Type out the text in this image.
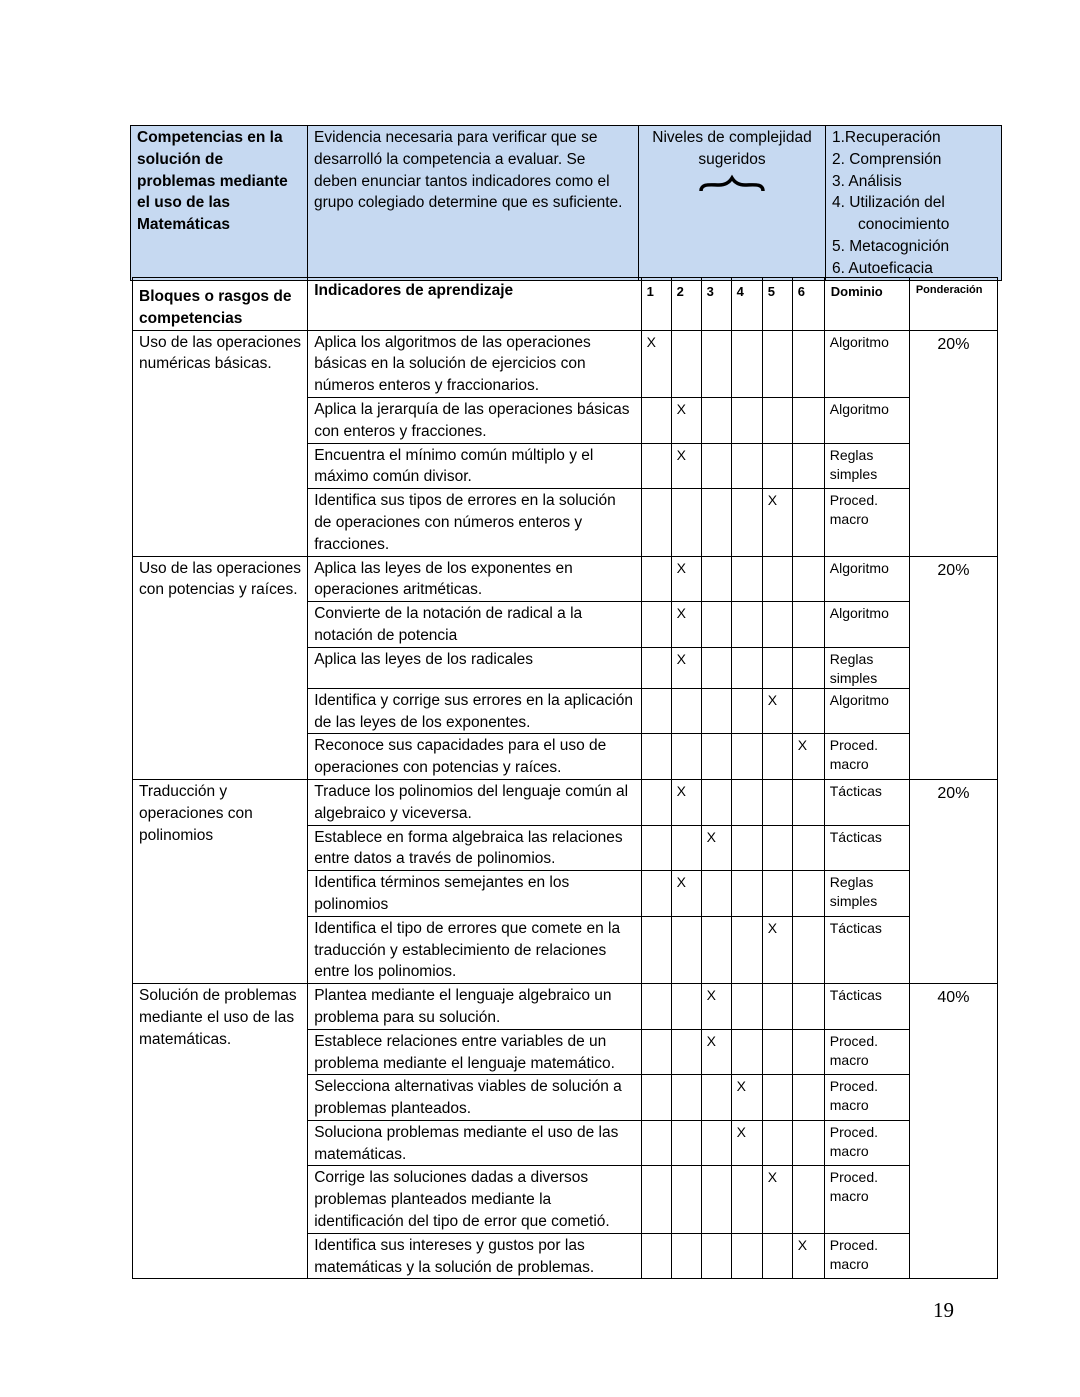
Competencias en la solución de problemas mediante el uso de las Matemáticas	Evidencia necesaria para verificar que se desarrolló la competencia a evaluar. Se deben enunciar tantos indicadores como el grupo colegiado determine que es suficiente.	Niveles de complejidad sugeridos

1.Recuperación
2. Comprensión
3. Análisis
4. Utilización del
conocimiento
5. Metacognición
6. Autoeficacia
Bloques o rasgos de competencias	Indicadores de aprendizaje	1	2	3	4	5	6	Dominio	Ponderación
Uso de las operaciones numéricas básicas.	Aplica los algoritmos de las operaciones básicas en la solución de ejercicios con números enteros y fraccionarios.	X						Algoritmo	20%
	Aplica la jerarquía de las operaciones básicas con enteros y fracciones.		X					Algoritmo	
	Encuentra el mínimo común múltiplo y el máximo común divisor.		X					Reglas simples	
	Identifica sus tipos de errores en la solución de operaciones con números enteros y fracciones.					X		Proced. macro	
Uso de las operaciones con potencias y raíces.	Aplica las leyes de los exponentes en operaciones aritméticas.		X					Algoritmo	20%
	Convierte de la notación de radical a la notación de potencia		X					Algoritmo	
	Aplica las leyes de los radicales		X					Reglas simples	
	Identifica y corrige sus errores en la aplicación de las leyes de los exponentes.					X		Algoritmo	
	Reconoce sus capacidades para el uso de operaciones con potencias y raíces.						X	Proced. macro	
Traducción y operaciones con polinomios	Traduce los polinomios del lenguaje común al algebraico y viceversa.		X					Tácticas	20%
	Establece en forma algebraica las relaciones entre datos a través de polinomios.			X				Tácticas	
	Identifica términos semejantes en los polinomios		X					Reglas simples	
	Identifica el tipo de errores que comete en la traducción y establecimiento de relaciones entre los polinomios.					X		Tácticas	
Solución de problemas mediante el uso de las matemáticas.	Plantea mediante el lenguaje algebraico un problema para su solución.			X				Tácticas	40%
	Establece relaciones entre variables de un problema mediante el lenguaje matemático.			X				Proced. macro	
	Selecciona alternativas viables de solución a problemas planteados.				X			Proced. macro	
	Soluciona problemas mediante el uso de las matemáticas.				X			Proced. macro	
	Corrige las soluciones dadas a diversos problemas planteados mediante la identificación del tipo de error que cometió.					X		Proced. macro	
	Identifica sus intereses y gustos por las matemáticas y la solución de problemas.						X	Proced. macro	
19
